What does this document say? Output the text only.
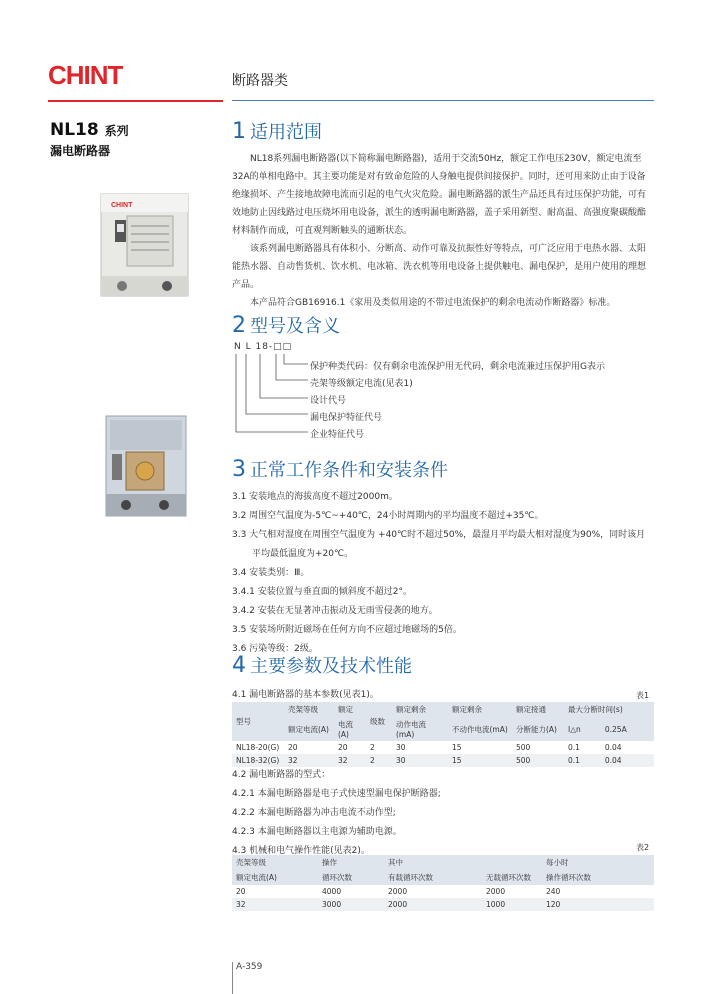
CHINT	断路器类
NL18 系列
漏电断路器
CHINT
1 适用范围

NL18系列漏电断路器(以下简称漏电断路器)，适用于交流50Hz，额定工作电压230V，额定电流至32A的单相电路中。其主要功能是对有致命危险的人身触电提供间接保护。同时，还可用来防止由于设备绝缘损坏、产生接地故障电流而引起的电气火灾危险。漏电断路器的派生产品还具有过压保护功能，可有效地防止因线路过电压烧坏用电设备，派生的透明漏电断路器，盖子采用新型、耐高温、高强度聚碳酸酯材料制作而成，可直观判断触头的通断状态。

该系列漏电断路器具有体积小、分断高、动作可靠及抗振性好等特点，可广泛应用于电热水器、太阳能热水器、自动售货机、饮水机、电冰箱、洗衣机等用电设备上提供触电、漏电保护，是用户使用的理想产品。

本产品符合GB16916.1《家用及类似用途的不带过电流保护的剩余电流动作断路器》标准。

2 型号及含义
N L 18-□□
保护种类代码：仅有剩余电流保护用无代码，剩余电流兼过压保护用G表示
壳架等级额定电流(见表1)
设计代号
漏电保护特征代号
企业特征代号
3 正常工作条件和安装条件
3.1 安装地点的海拔高度不超过2000m。
3.2 周围空气温度为-5℃~+40℃，24小时周期内的平均温度不超过+35℃。
3.3 大气相对湿度在周围空气温度为 +40℃时不超过50%，最湿月平均最大相对湿度为90%，同时该月
平均最低温度为+20℃。
3.4 安装类别：Ⅲ。
3.4.1 安装位置与垂直面的倾斜度不超过2°。
3.4.2 安装在无显著冲击振动及无雨雪侵袭的地方。
3.5 安装场所附近磁场在任何方向不应超过地磁场的5倍。
3.6 污染等级：2级。
4 主要参数及技术性能
4.1 漏电断路器的基本参数(见表1)。	表1
型号	壳架等级	额定	级数	额定剩余	额定剩余	额定接通	最大分断时间(s)	
	额定电流(A)	电流(A)		动作电流(mA)	不动作电流(mA)	分断能力(A)	I△n	0.25A
NL18-20(G)	20	20	2	30	15	500	0.1	0.04
NL18-32(G)	32	32	2	30	15	500	0.1	0.04
4.2 漏电断路器的型式：
4.2.1 本漏电断路器是电子式快速型漏电保护断路器;
4.2.2 本漏电断路器为冲击电流不动作型;
4.2.3 本漏电断路器以主电源为辅助电源。
4.3 机械和电气操作性能(见表2)。	表2
壳架等级	操作	其中		每小时
额定电流(A)	循环次数	有载循环次数	无载循环次数	操作循环次数
20	4000	2000	2000	240
32	3000	2000	1000	120
A-359
